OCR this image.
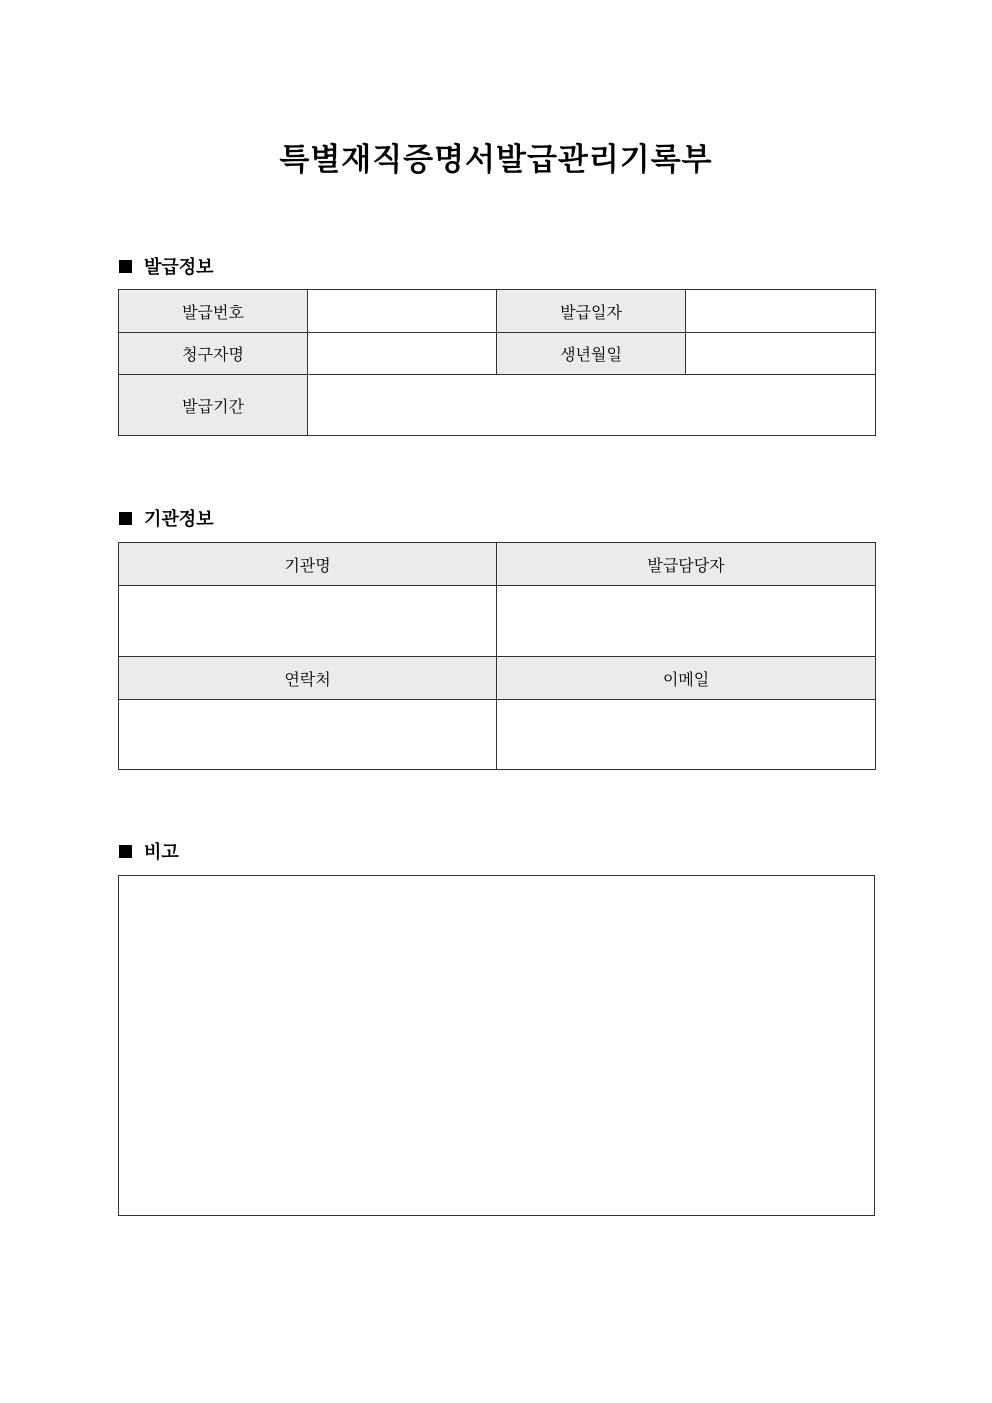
특별재직증명서발급관리기록부
발급정보
발급번호		발급일자	
청구자명		생년월일	
발급기간			
기관정보
기관명	발급담당자

연락처	이메일

비고
